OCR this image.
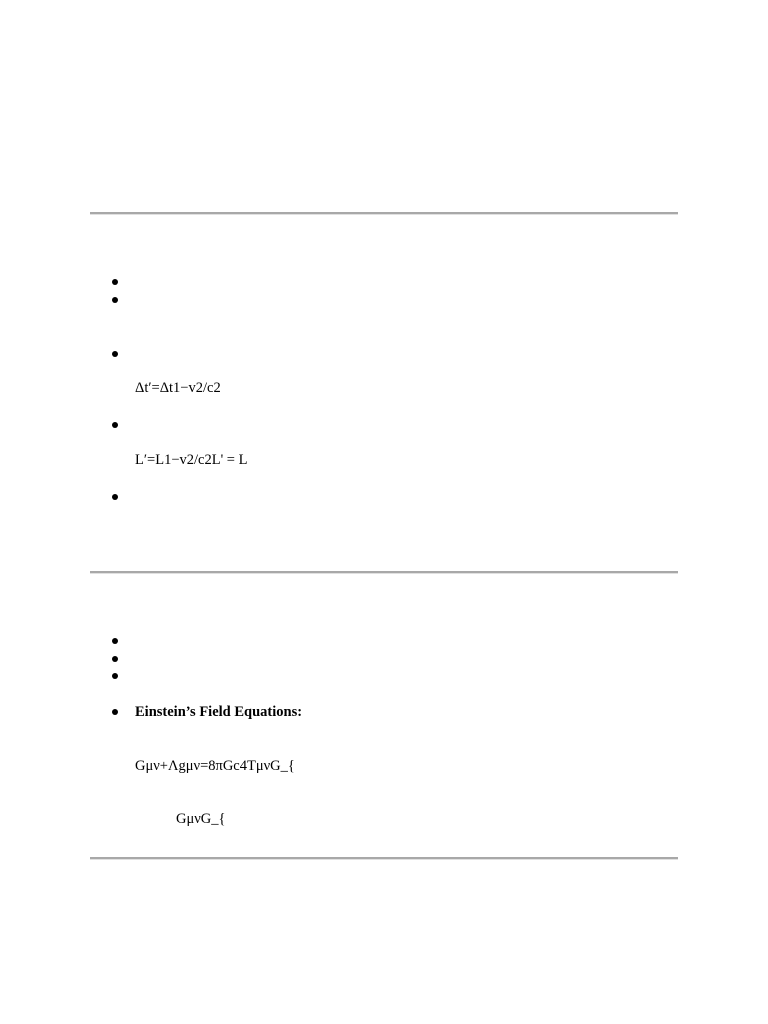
Δt′=Δt1−v2/c2
L′=L1−v2/c2L' = L
Einstein’s Field Equations:
Gμν+Λgμν=8πGc4TμνG_{
GμνG_{
